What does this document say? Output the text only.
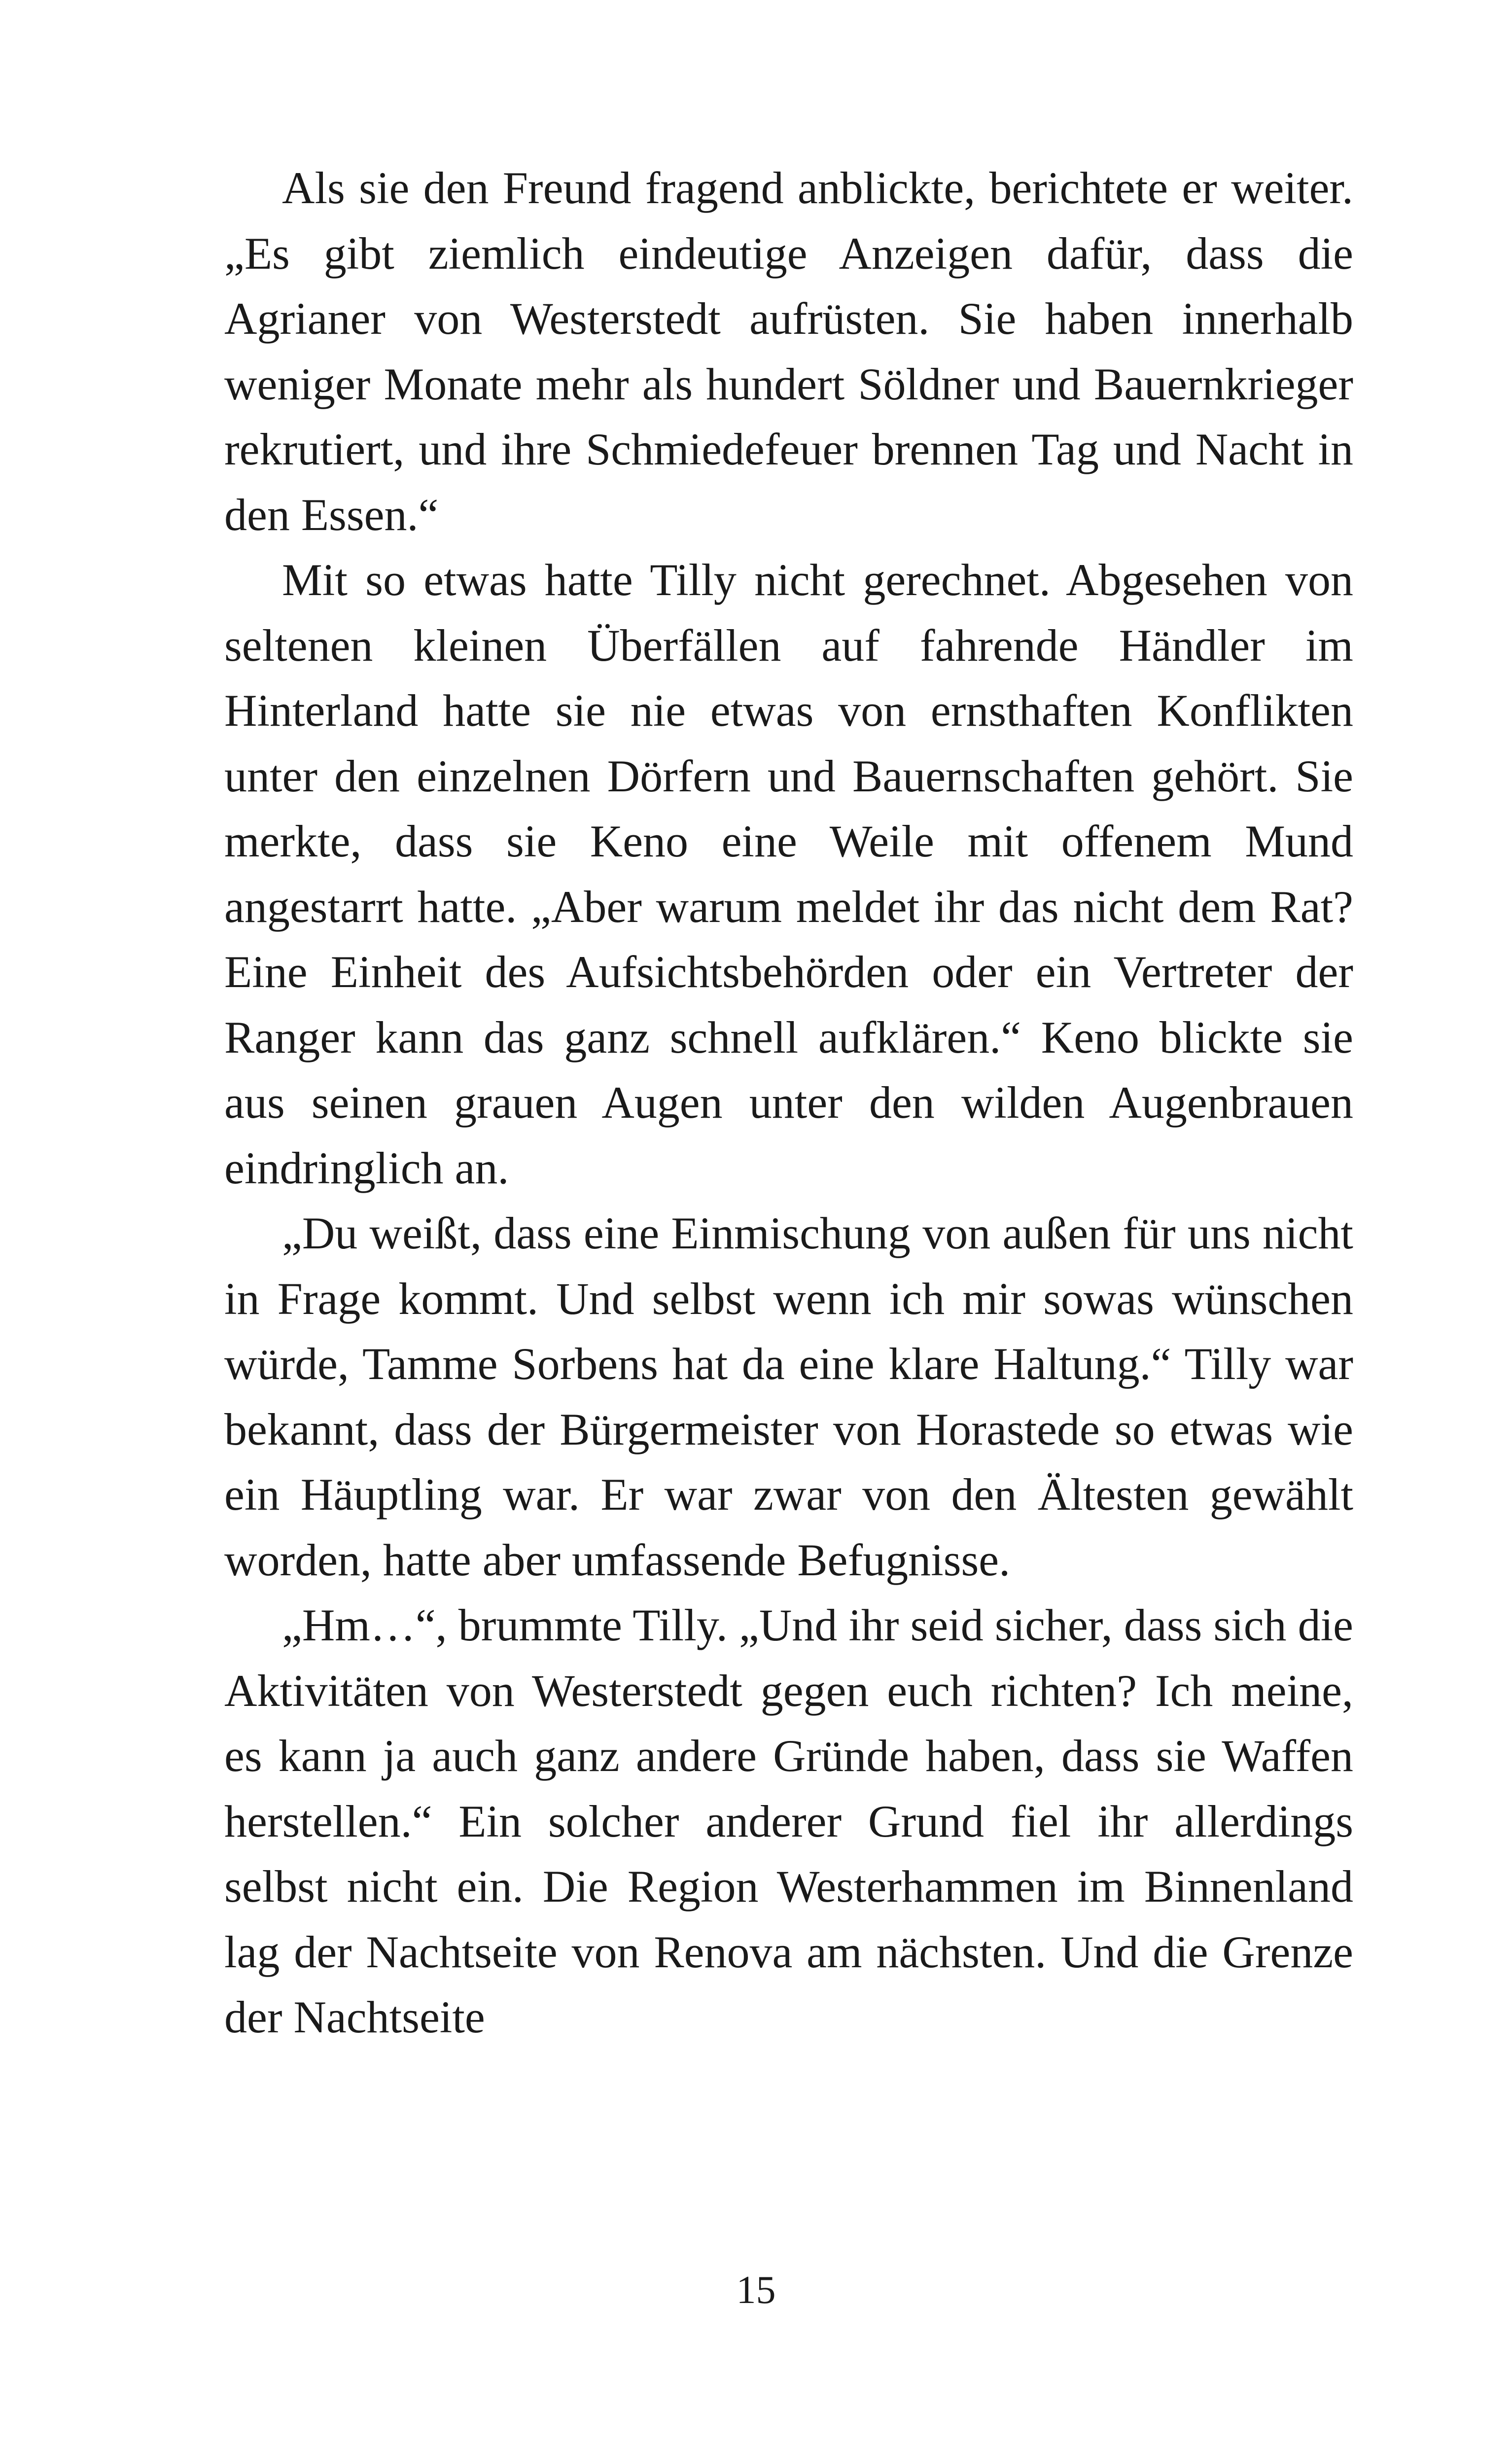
Als sie den Freund fragend anblickte, berichtete er weiter. „Es gibt ziemlich eindeutige Anzeigen dafür, dass die Agrianer von Westerstedt aufrüsten. Sie haben innerhalb weniger Monate mehr als hundert Söldner und Bauernkrieger rekrutiert, und ihre Schmiedefeuer brennen Tag und Nacht in den Essen.“

Mit so etwas hatte Tilly nicht gerechnet. Abgesehen von seltenen kleinen Überfällen auf fahrende Händler im Hinterland hatte sie nie etwas von ernsthaften Konflikten unter den einzelnen Dörfern und Bauernschaften gehört. Sie merkte, dass sie Keno eine Weile mit offenem Mund angestarrt hatte. „Aber warum meldet ihr das nicht dem Rat? Eine Einheit des Aufsichtsbehörden oder ein Vertreter der Ranger kann das ganz schnell aufklären.“ Keno blickte sie aus seinen grauen Augen unter den wilden Augenbrauen eindringlich an.

„Du weißt, dass eine Einmischung von außen für uns nicht in Frage kommt. Und selbst wenn ich mir sowas wünschen würde, Tamme Sorbens hat da eine klare Haltung.“ Tilly war bekannt, dass der Bürgermeister von Horastede so etwas wie ein Häuptling war. Er war zwar von den Ältesten gewählt worden, hatte aber umfassende Befugnisse.

„Hm…“, brummte Tilly. „Und ihr seid sicher, dass sich die Aktivitäten von Westerstedt gegen euch richten? Ich meine, es kann ja auch ganz andere Gründe haben, dass sie Waffen herstellen.“ Ein solcher anderer Grund fiel ihr allerdings selbst nicht ein. Die Region Westerhammen im Binnenland lag der Nachtseite von Renova am nächsten. Und die Grenze der Nachtseite

15
